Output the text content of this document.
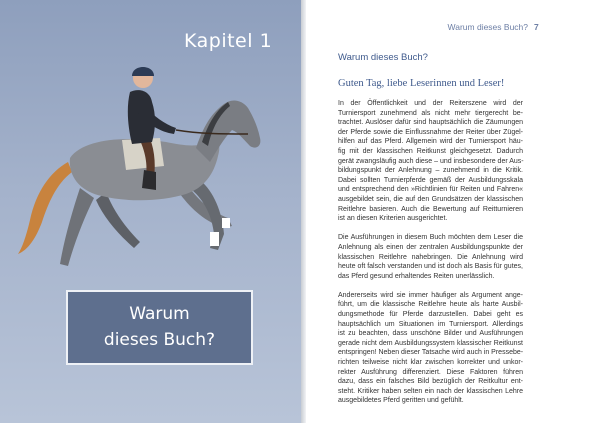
Kapitel 1
Warum
dieses Buch?
Warum dieses Buch? 7
Warum dieses Buch?
Guten Tag, liebe Leserinnen und Leser!
In der Öffentlichkeit und der Reiterszene wird der
Turniersport zunehmend als nicht mehr tiergerecht be-
trachtet. Auslöser dafür sind hauptsächlich die Zäumungen
der Pferde sowie die Einflussnahme der Reiter über Zügel-
hilfen auf das Pferd. Allgemein wird der Turniersport häu-
fig mit der klassischen Reitkunst gleichgesetzt. Dadurch
gerät zwangsläufig auch diese – und insbesondere der Aus-
bildungspunkt der Anlehnung – zunehmend in die Kritik.
Dabei sollten Turnierpferde gemäß der Ausbildungsskala
und entsprechend den »Richtlinien für Reiten und Fahren«
ausgebildet sein, die auf den Grundsätzen der klassischen
Reitlehre basieren. Auch die Bewertung auf Reitturnieren
ist an diesen Kriterien ausgerichtet.
Die Ausführungen in diesem Buch möchten dem Leser die
Anlehnung als einen der zentralen Ausbildungspunkte der
klassischen Reitlehre nahebringen. Die Anlehnung wird
heute oft falsch verstanden und ist doch als Basis für gutes,
das Pferd gesund erhaltendes Reiten unerlässlich.
Andererseits wird sie immer häufiger als Argument ange-
führt, um die klassische Reitlehre heute als harte Ausbil-
dungsmethode für Pferde darzustellen. Dabei geht es
hauptsächlich um Situationen im Turniersport. Allerdings
ist zu beachten, dass unschöne Bilder und Ausführungen
gerade nicht dem Ausbildungssystem klassischer Reitkunst
entspringen! Neben dieser Tatsache wird auch in Pressebe-
richten teilweise nicht klar zwischen korrekter und unkor-
rekter Ausführung differenziert. Diese Faktoren führen
dazu, dass ein falsches Bild bezüglich der Reitkultur ent-
steht. Kritiker haben selten ein nach der klassischen Lehre
ausgebildetes Pferd geritten und gefühlt.
